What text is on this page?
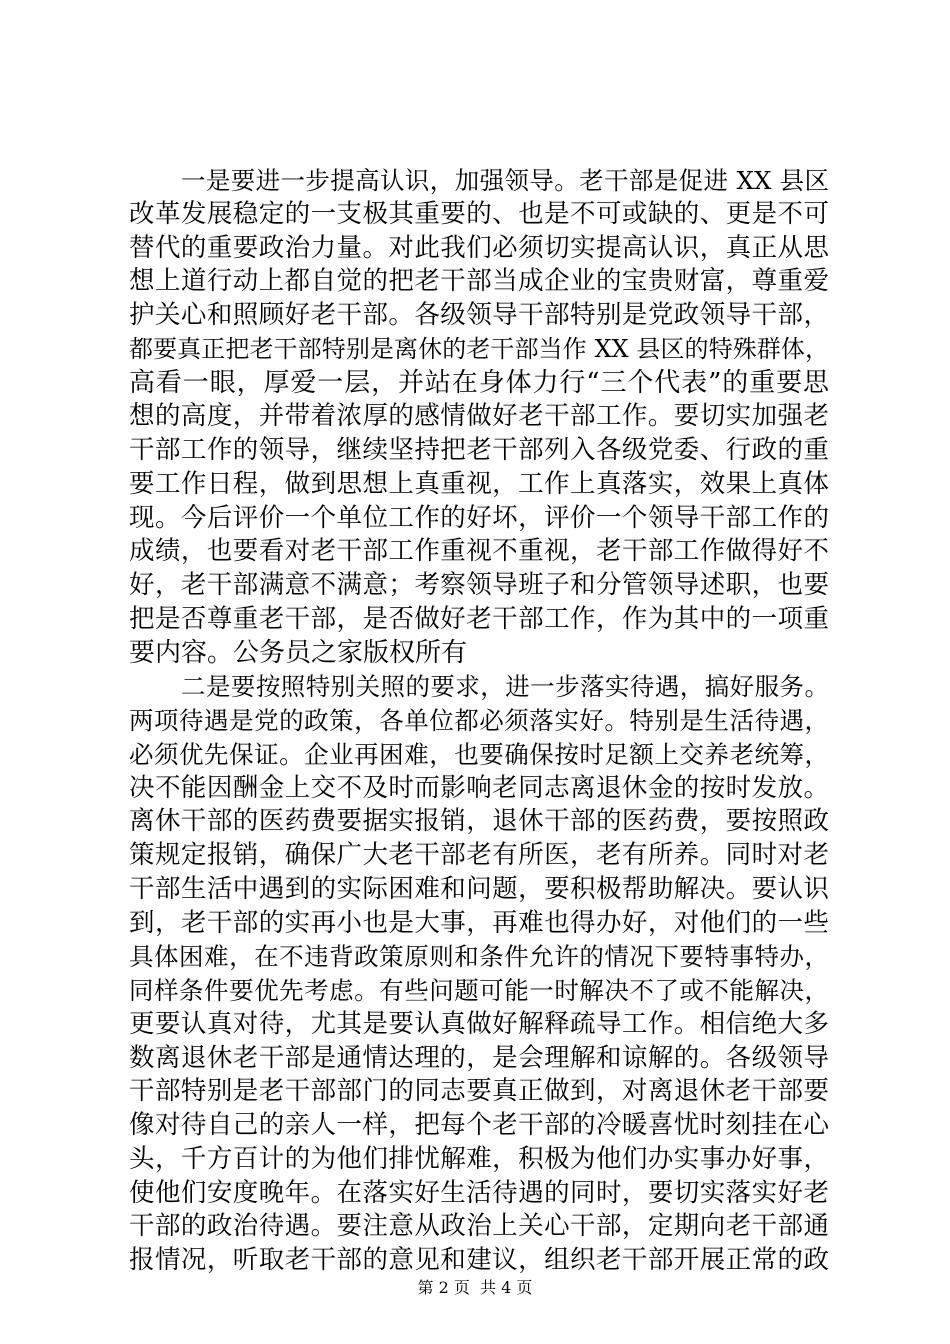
一是要进一步提高认识，加强领导。老干部是促进 XX 县区
改革发展稳定的一支极其重要的、也是不可或缺的、更是不可
替代的重要政治力量。对此我们必须切实提高认识，真正从思
想上道行动上都自觉的把老干部当成企业的宝贵财富，尊重爱
护关心和照顾好老干部。各级领导干部特别是党政领导干部，
都要真正把老干部特别是离休的老干部当作 XX 县区的特殊群体，
高看一眼，厚爱一层，并站在身体力行“三个代表”的重要思
想的高度，并带着浓厚的感情做好老干部工作。要切实加强老
干部工作的领导，继续坚持把老干部列入各级党委、行政的重
要工作日程，做到思想上真重视，工作上真落实，效果上真体
现。今后评价一个单位工作的好坏，评价一个领导干部工作的
成绩，也要看对老干部工作重视不重视，老干部工作做得好不
好，老干部满意不满意；考察领导班子和分管领导述职，也要
把是否尊重老干部，是否做好老干部工作，作为其中的一项重
要内容。公务员之家版权所有
二是要按照特别关照的要求，进一步落实待遇，搞好服务。
两项待遇是党的政策，各单位都必须落实好。特别是生活待遇，
必须优先保证。企业再困难，也要确保按时足额上交养老统筹，
决不能因酬金上交不及时而影响老同志离退休金的按时发放。
离休干部的医药费要据实报销，退休干部的医药费，要按照政
策规定报销，确保广大老干部老有所医，老有所养。同时对老
干部生活中遇到的实际困难和问题，要积极帮助解决。要认识
到，老干部的实再小也是大事，再难也得办好，对他们的一些
具体困难，在不违背政策原则和条件允许的情况下要特事特办，
同样条件要优先考虑。有些问题可能一时解决不了或不能解决，
更要认真对待，尤其是要认真做好解释疏导工作。相信绝大多
数离退休老干部是通情达理的，是会理解和谅解的。各级领导
干部特别是老干部部门的同志要真正做到，对离退休老干部要
像对待自己的亲人一样，把每个老干部的冷暖喜忧时刻挂在心
头，千方百计的为他们排忧解难，积极为他们办实事办好事，
使他们安度晚年。在落实好生活待遇的同时，要切实落实好老
干部的政治待遇。要注意从政治上关心干部，定期向老干部通
报情况，听取老干部的意见和建议，组织老干部开展正常的政
第 2 页  共 4 页
